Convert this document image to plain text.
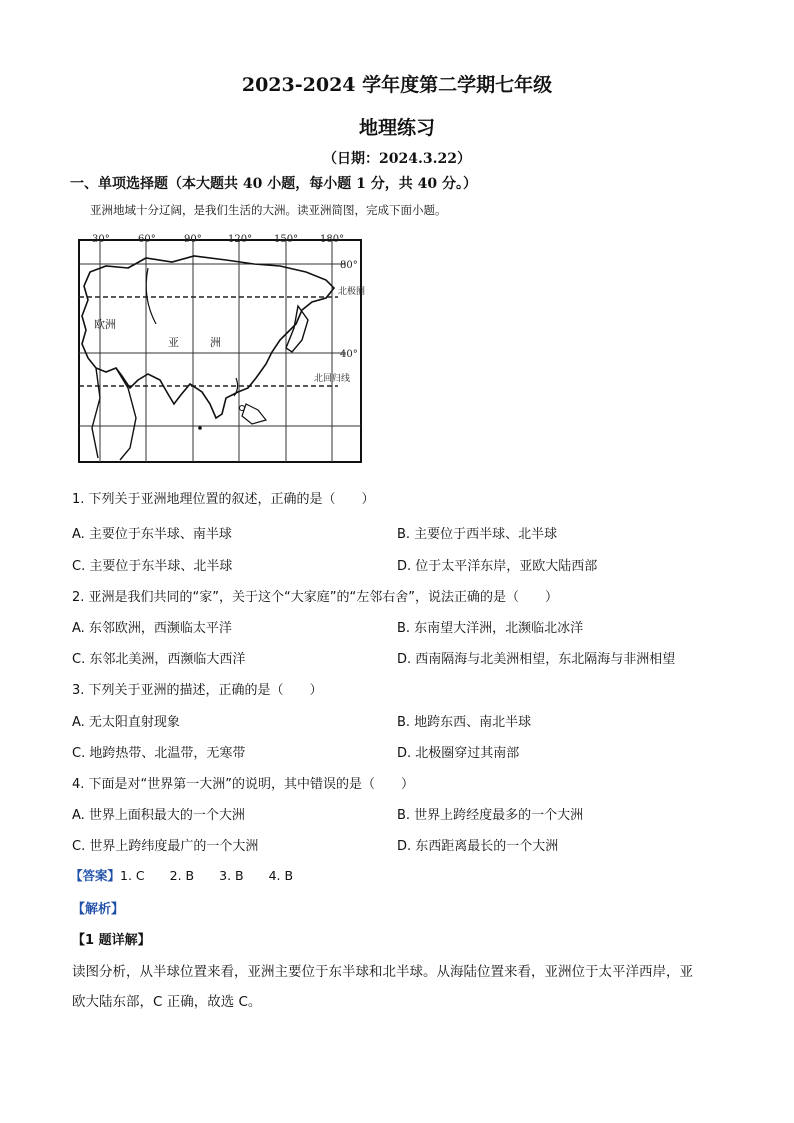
2023-2024 学年度第二学期七年级
地理练习
（日期：2024.3.22）
一、单项选择题（本大题共 40 小题，每小题 1 分，共 40 分。）
亚洲地域十分辽阔，是我们生活的大洲。读亚洲简图，完成下面小题。
30°	60°	90°	120° 150° 180°
80°
40°
北极圈
北回归线
欧洲
亚	洲
1. 下列关于亚洲地理位置的叙述，正确的是（　　）
A. 主要位于东半球、南半球	B. 主要位于西半球、北半球
C. 主要位于东半球、北半球	D. 位于太平洋东岸，亚欧大陆西部
2. 亚洲是我们共同的“家”，关于这个“大家庭”的“左邻右舍”，说法正确的是（　　）
A. 东邻欧洲，西濒临太平洋	B. 东南望大洋洲，北濒临北冰洋
C. 东邻北美洲，西濒临大西洋	D. 西南隔海与北美洲相望，东北隔海与非洲相望
3. 下列关于亚洲的描述，正确的是（　　）
A. 无太阳直射现象	B. 地跨东西、南北半球
C. 地跨热带、北温带，无寒带	D. 北极圈穿过其南部
4. 下面是对“世界第一大洲”的说明，其中错误的是（　　）
A. 世界上面积最大的一个大洲	B. 世界上跨经度最多的一个大洲
C. 世界上跨纬度最广的一个大洲	D. 东西距离最长的一个大洲
【答案】1. C　　2. B　　3. B　　4. B
【解析】
【1 题详解】
读图分析，从半球位置来看，亚洲主要位于东半球和北半球。从海陆位置来看，亚洲位于太平洋西岸，亚
欧大陆东部，C 正确，故选 C。
